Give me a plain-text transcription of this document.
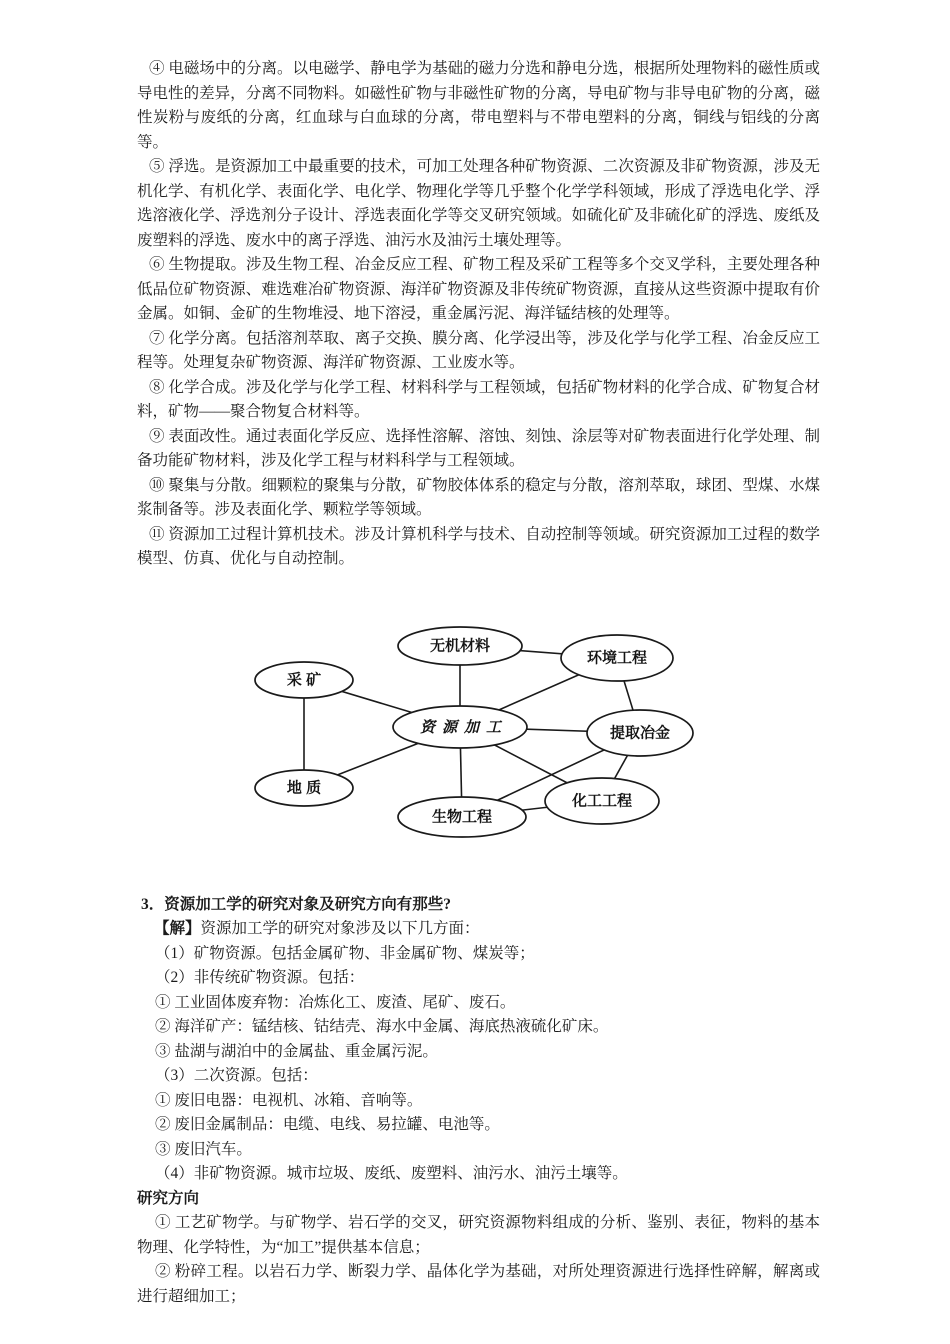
④ 电磁场中的分离。以电磁学、静电学为基础的磁力分选和静电分选，根据所处理物料的磁性质或导电性的差异，分离不同物料。如磁性矿物与非磁性矿物的分离，导电矿物与非导电矿物的分离，磁性炭粉与废纸的分离，红血球与白血球的分离，带电塑料与不带电塑料的分离，铜线与铝线的分离等。

⑤ 浮选。是资源加工中最重要的技术，可加工处理各种矿物资源、二次资源及非矿物资源，涉及无机化学、有机化学、表面化学、电化学、物理化学等几乎整个化学学科领域，形成了浮选电化学、浮选溶液化学、浮选剂分子设计、浮选表面化学等交叉研究领域。如硫化矿及非硫化矿的浮选、废纸及废塑料的浮选、废水中的离子浮选、油污水及油污土壤处理等。

⑥ 生物提取。涉及生物工程、冶金反应工程、矿物工程及采矿工程等多个交叉学科，主要处理各种低品位矿物资源、难选难冶矿物资源、海洋矿物资源及非传统矿物资源，直接从这些资源中提取有价金属。如铜、金矿的生物堆浸、地下溶浸，重金属污泥、海洋锰结核的处理等。

⑦ 化学分离。包括溶剂萃取、离子交换、膜分离、化学浸出等，涉及化学与化学工程、冶金反应工程等。处理复杂矿物资源、海洋矿物资源、工业废水等。

⑧ 化学合成。涉及化学与化学工程、材料科学与工程领域，包括矿物材料的化学合成、矿物复合材料，矿物——聚合物复合材料等。

⑨ 表面改性。通过表面化学反应、选择性溶解、溶蚀、刻蚀、涂层等对矿物表面进行化学处理、制备功能矿物材料，涉及化学工程与材料科学与工程领域。

⑩ 聚集与分散。细颗粒的聚集与分散，矿物胶体体系的稳定与分散，溶剂萃取，球团、型煤、水煤浆制备等。涉及表面化学、颗粒学等领域。

⑪ 资源加工过程计算机技术。涉及计算机科学与技术、自动控制等领域。研究资源加工过程的数学模型、仿真、优化与自动控制。

无机材料
环境工程
采 矿
资源加工	提取冶金
地 质
生物工程
化工工程

3．资源加工学的研究对象及研究方向有那些?

【解】资源加工学的研究对象涉及以下几方面：

（1）矿物资源。包括金属矿物、非金属矿物、煤炭等；

（2）非传统矿物资源。包括：

① 工业固体废弃物：冶炼化工、废渣、尾矿、废石。

② 海洋矿产：锰结核、钴结壳、海水中金属、海底热液硫化矿床。

③ 盐湖与湖泊中的金属盐、重金属污泥。

（3）二次资源。包括：

① 废旧电器：电视机、冰箱、音响等。

② 废旧金属制品：电缆、电线、易拉罐、电池等。

③ 废旧汽车。

（4）非矿物资源。城市垃圾、废纸、废塑料、油污水、油污土壤等。

研究方向

① 工艺矿物学。与矿物学、岩石学的交叉，研究资源物料组成的分析、鉴别、表征，物料的基本物理、化学特性，为“加工”提供基本信息；

② 粉碎工程。以岩石力学、断裂力学、晶体化学为基础，对所处理资源进行选择性碎解，解离或进行超细加工；
